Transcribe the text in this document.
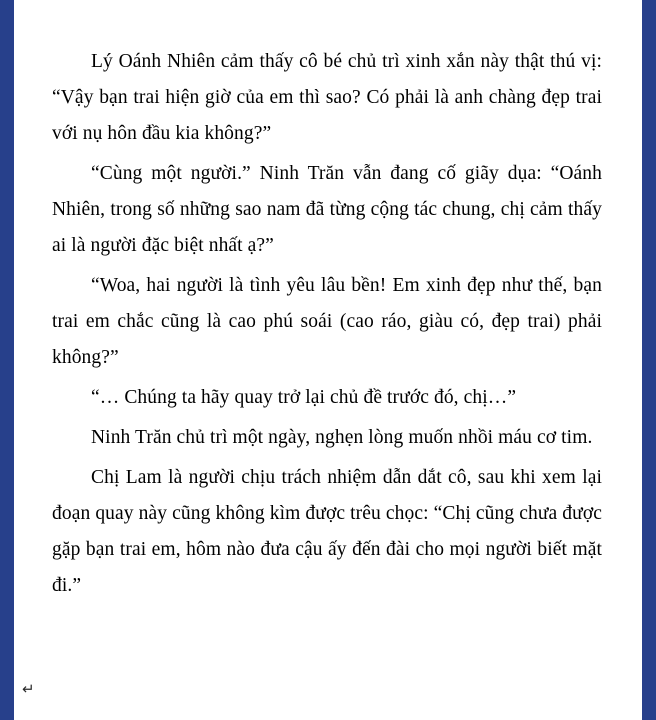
Lý Oánh Nhiên cảm thấy cô bé chủ trì xinh xắn này thật thú vị: “Vậy bạn trai hiện giờ của em thì sao? Có phải là anh chàng đẹp trai với nụ hôn đầu kia không?”

“Cùng một người.” Ninh Trăn vẫn đang cố giãy dụa: “Oánh Nhiên, trong số những sao nam đã từng cộng tác chung, chị cảm thấy ai là người đặc biệt nhất ạ?”

“Woa, hai người là tình yêu lâu bền! Em xinh đẹp như thế, bạn trai em chắc cũng là cao phú soái (cao ráo, giàu có, đẹp trai) phải không?”

“… Chúng ta hãy quay trở lại chủ đề trước đó, chị…”

Ninh Trăn chủ trì một ngày, nghẹn lòng muốn nhồi máu cơ tim.

Chị Lam là người chịu trách nhiệm dẫn dắt cô, sau khi xem lại đoạn quay này cũng không kìm được trêu chọc: “Chị cũng chưa được gặp bạn trai em, hôm nào đưa cậu ấy đến đài cho mọi người biết mặt đi.”

↵
